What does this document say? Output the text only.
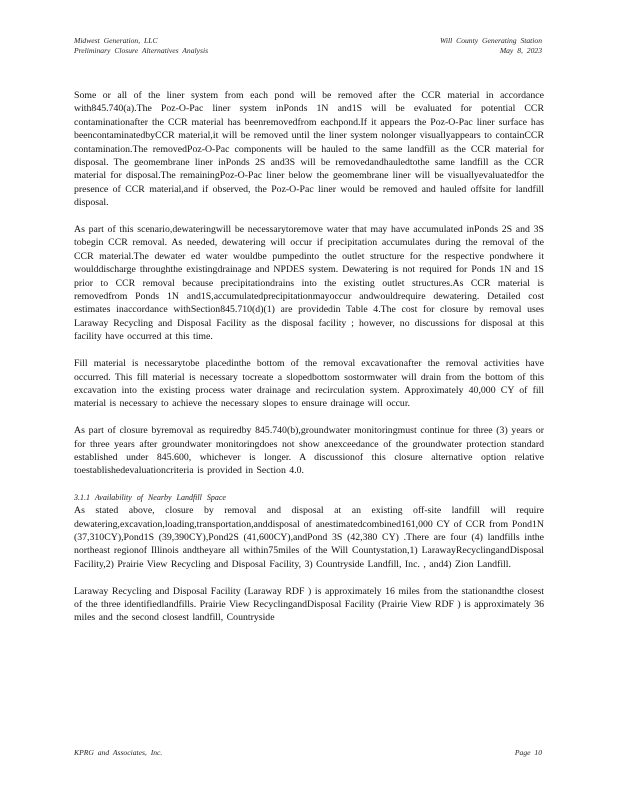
Midwest Generation, LLC
Preliminary Closure Alternatives Analysis
Will County Generating Station
May 8, 2023

Some or all of the liner system from each pond will be removed after the CCR material in accordance with845.740(a).The Poz-O-Pac liner system inPonds 1N and1S will be evaluated for potential CCR contaminationafter the CCR material has beenremovedfrom eachpond.If it appears the Poz-O-Pac liner surface has beencontaminatedbyCCR material,it will be removed until the liner system nolonger visuallyappears to containCCR contamination.The removedPoz-O-Pac components will be hauled to the same landfill as the CCR material for disposal. The geomembrane liner inPonds 2S and3S will be removedandhauledtothe same landfill as the CCR material for disposal.The remainingPoz-O-Pac liner below the geomembrane liner will be visuallyevaluatedfor the presence of CCR material,and if observed, the Poz-O-Pac liner would be removed and hauled offsite for landfill disposal.

As part of this scenario,dewateringwill be necessarytoremove water that may have accumulated inPonds 2S and 3S tobegin CCR removal. As needed, dewatering will occur if precipitation accumulates during the removal of the CCR material.The dewater ed water wouldbe pumpedinto the outlet structure for the respective pondwhere it woulddischarge throughthe existingdrainage and NPDES system. Dewatering is not required for Ponds 1N and 1S prior to CCR removal because precipitationdrains into the existing outlet structures.As CCR material is removedfrom Ponds 1N and1S,accumulatedprecipitationmayoccur andwouldrequire dewatering. Detailed cost estimates inaccordance withSection845.710(d)(1) are providedin Table 4.The cost for closure by removal uses Laraway Recycling and Disposal Facility as the disposal facility ; however, no discussions for disposal at this facility have occurred at this time.

Fill material is necessarytobe placedinthe bottom of the removal excavationafter the removal activities have occurred. This fill material is necessary tocreate a slopedbottom sostormwater will drain from the bottom of this excavation into the existing process water drainage and recirculation system. Approximately 40,000 CY of fill material is necessary to achieve the necessary slopes to ensure drainage will occur.

As part of closure byremoval as requiredby 845.740(b),groundwater monitoringmust continue for three (3) years or for three years after groundwater monitoringdoes not show anexceedance of the groundwater protection standard established under 845.600, whichever is longer. A discussionof this closure alternative option relative toestablishedevaluationcriteria is provided in Section 4.0.

3.1.1 Availability of Nearby Landfill Space

As stated above, closure by removal and disposal at an existing off-site landfill will require dewatering,excavation,loading,transportation,anddisposal of anestimatedcombined161,000 CY of CCR from Pond1N (37,310CY),Pond1S (39,390CY),Pond2S (41,600CY),andPond 3S (42,380 CY) .There are four (4) landfills inthe northeast regionof Illinois andtheyare all within75miles of the Will Countystation,1) LarawayRecyclingandDisposal Facility,2) Prairie View Recycling and Disposal Facility, 3) Countryside Landfill, Inc. , and4) Zion Landfill.

Laraway Recycling and Disposal Facility (Laraway RDF ) is approximately 16 miles from the stationandthe closest of the three identifiedlandfills. Prairie View RecyclingandDisposal Facility (Prairie View RDF ) is approximately 36 miles and the second closest landfill, Countryside

KPRG and Associates, Inc.	Page 10
